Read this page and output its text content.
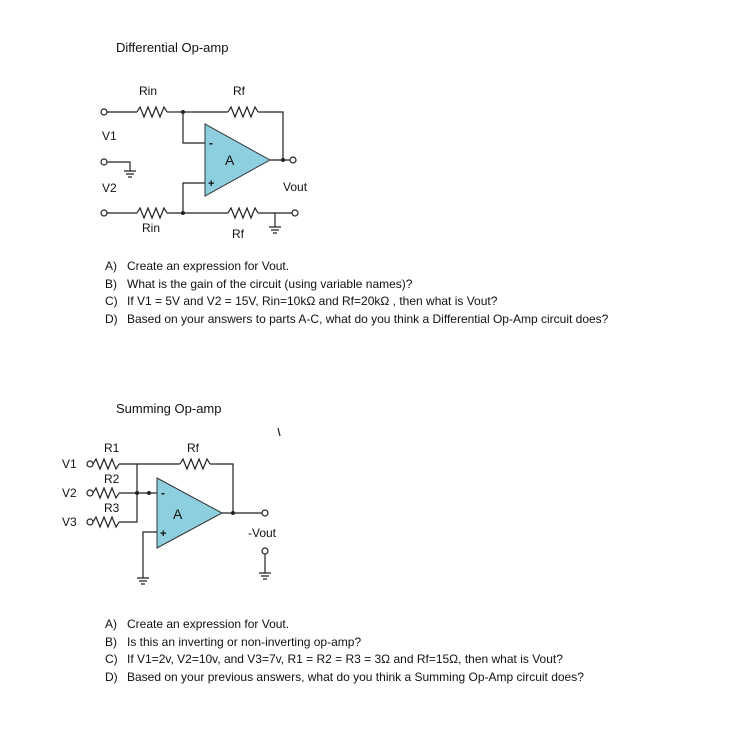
Differential Op-amp
A
-
+
Rin	Rf
V1
V2	Vout
Rin	Rf
A) Create an expression for Vout.
B) What is the gain of the circuit (using variable names)?
C) If V1 = 5V and V2 = 15V, Rin=10kΩ and Rf=20kΩ , then what is Vout?
D) Based on your answers to parts A-C, what do you think a Differential Op-Amp circuit does?
Summing Op-amp
A
-
+
R1	Rf
R2
R3
V1
V2
V3
-Vout
A) Create an expression for Vout.
B) Is this an inverting or non-inverting op-amp?
C) If V1=2v, V2=10v, and V3=7v, R1 = R2 = R3 = 3Ω and Rf=15Ω, then what is Vout?
D) Based on your previous answers, what do you think a Summing Op-Amp circuit does?
